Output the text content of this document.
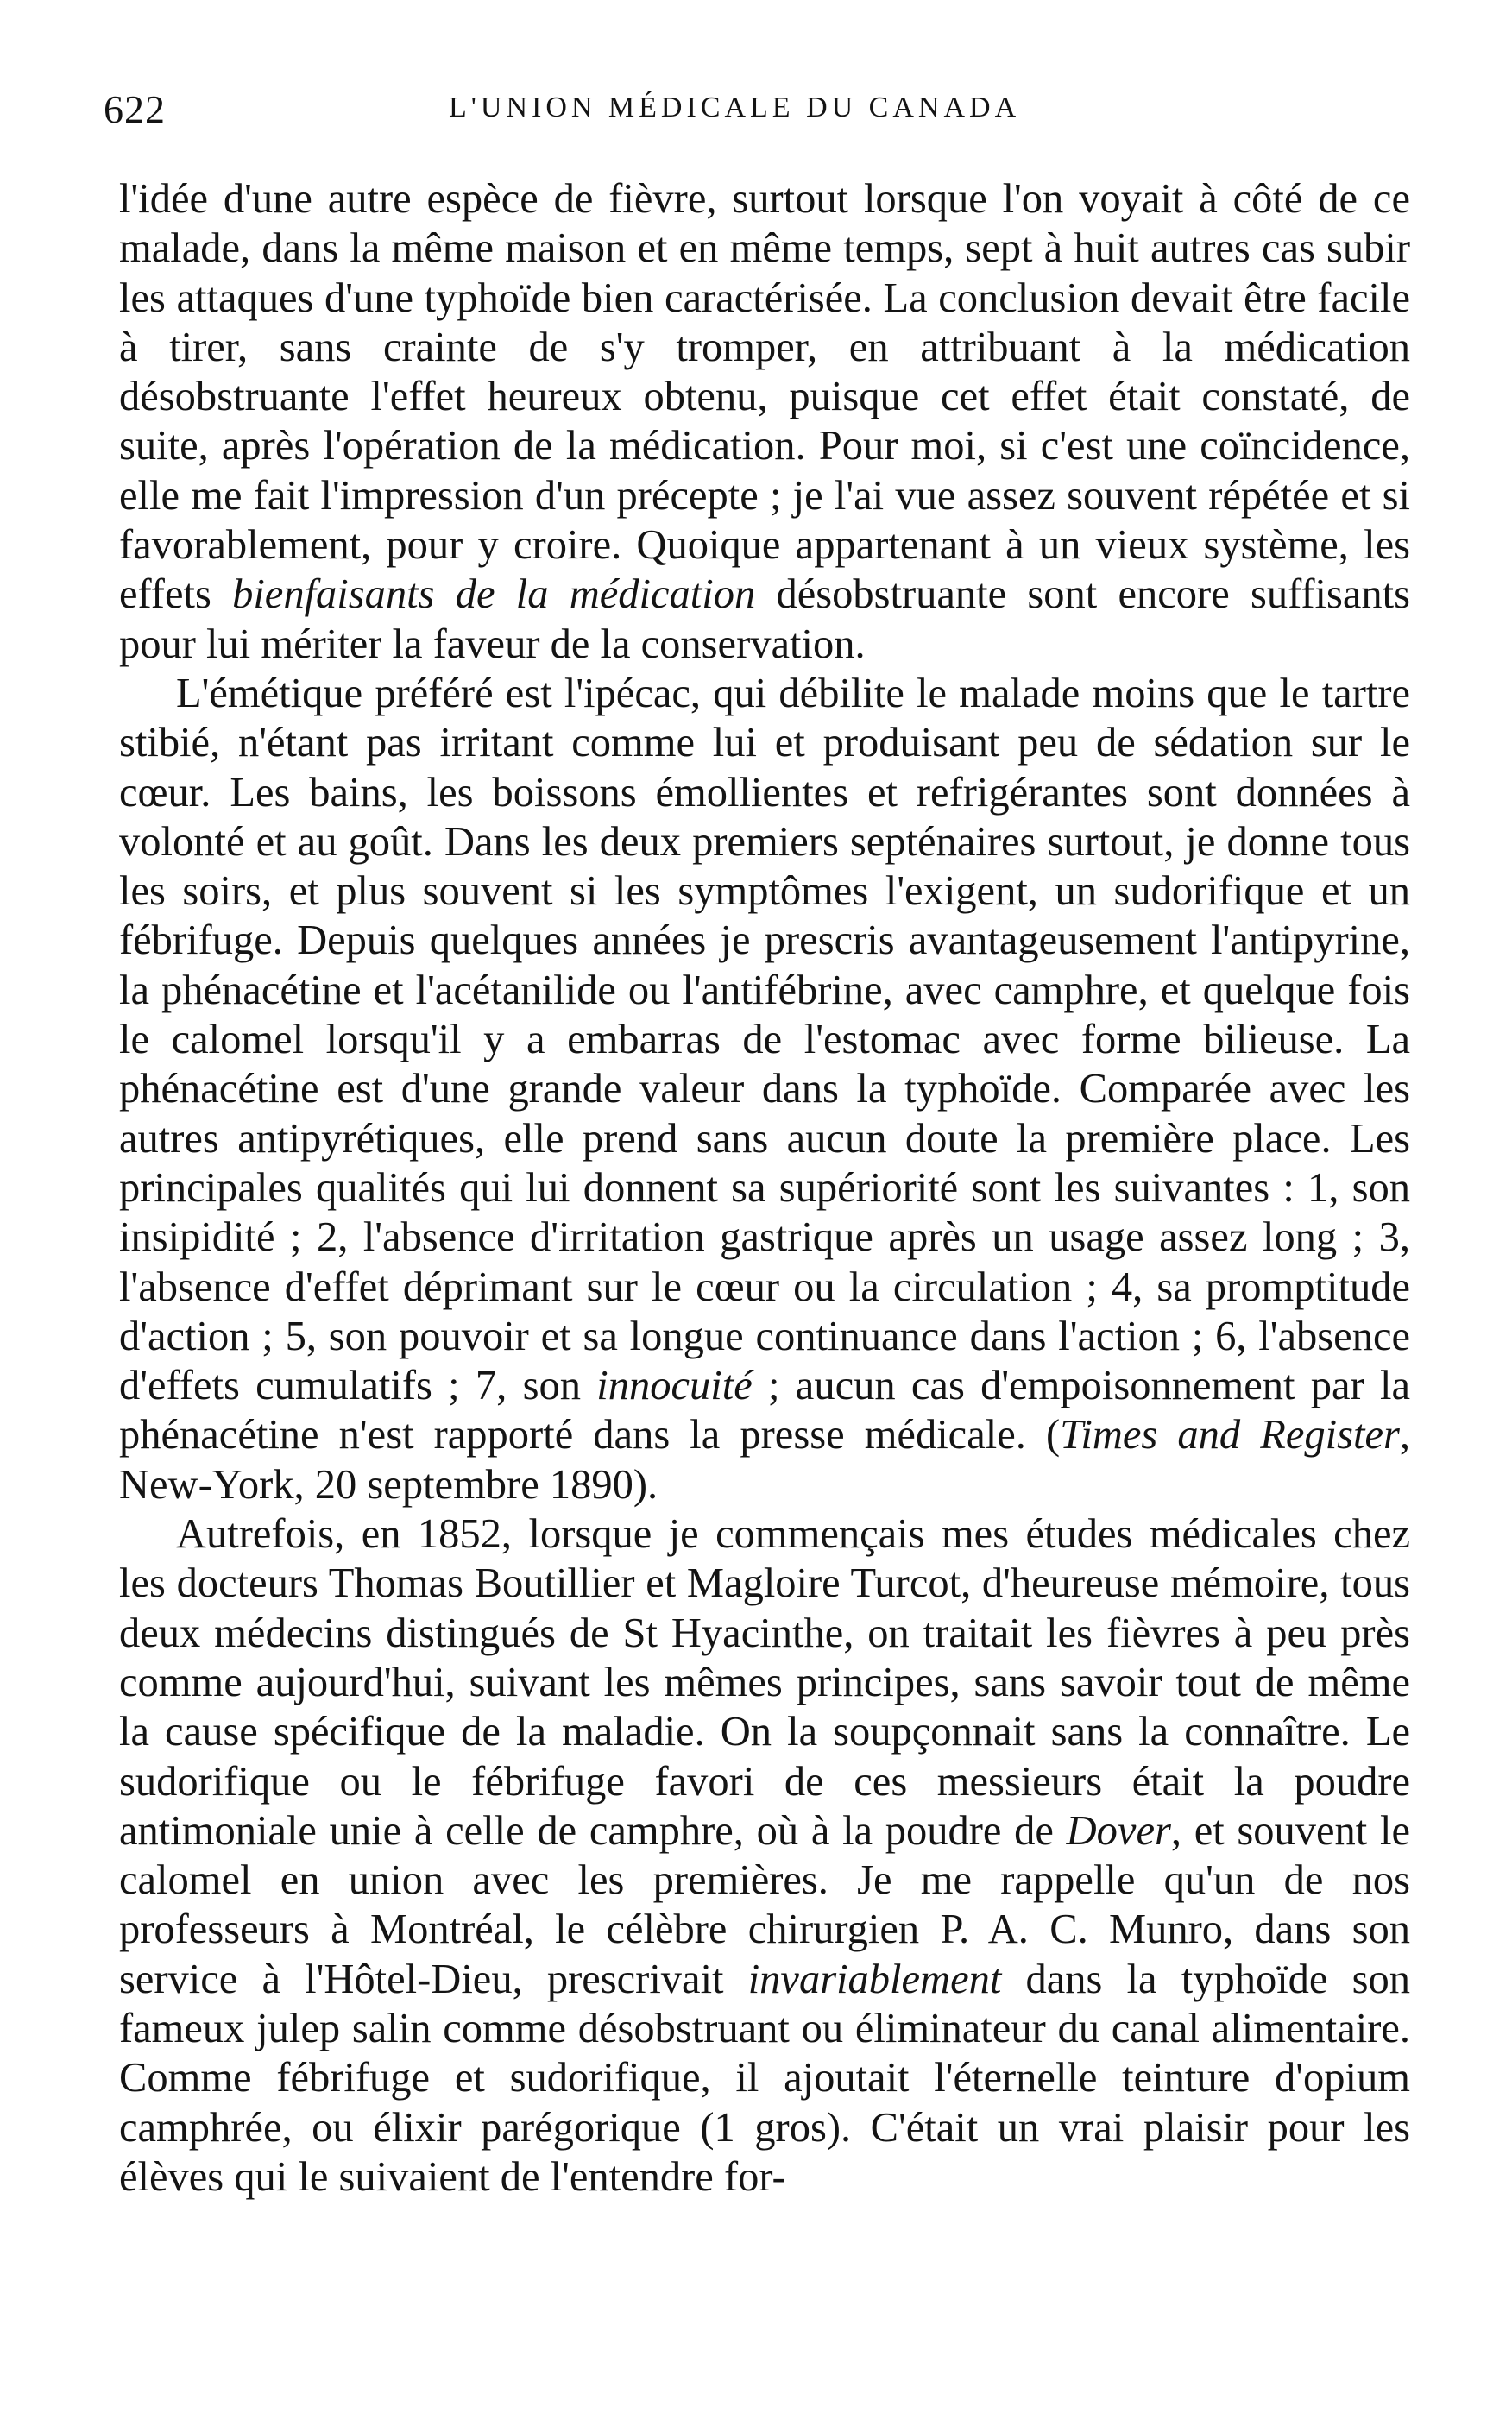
622	L'UNION MÉDICALE DU CANADA

l'idée d'une autre espèce de fièvre, surtout lorsque l'on voyait à côté de ce malade, dans la même maison et en même temps, sept à huit autres cas subir les attaques d'une typhoïde bien caractérisée. La conclusion devait être facile à tirer, sans crainte de s'y tromper, en attribuant à la médication désobstruante l'effet heureux obtenu, puisque cet effet était constaté, de suite, après l'opération de la médication. Pour moi, si c'est une coïncidence, elle me fait l'impression d'un précepte ; je l'ai vue assez souvent répétée et si favorablement, pour y croire. Quoique appartenant à un vieux système, les effets bienfaisants de la médication désobstruante sont encore suffisants pour lui mériter la faveur de la conservation.

L'émétique préféré est l'ipécac, qui débilite le malade moins que le tartre stibié, n'étant pas irritant comme lui et produisant peu de sédation sur le cœur. Les bains, les boissons émollientes et refrigérantes sont données à volonté et au goût. Dans les deux premiers septénaires surtout, je donne tous les soirs, et plus souvent si les symptômes l'exigent, un sudorifique et un fébrifuge. Depuis quelques années je prescris avantageusement l'antipyrine, la phénacétine et l'acétanilide ou l'antifébrine, avec camphre, et quelque fois le calomel lorsqu'il y a embarras de l'estomac avec forme bilieuse. La phénacétine est d'une grande valeur dans la typhoïde. Comparée avec les autres antipyrétiques, elle prend sans aucun doute la première place. Les principales qualités qui lui donnent sa supériorité sont les suivantes : 1, son insipidité ; 2, l'absence d'irritation gastrique après un usage assez long ; 3, l'absence d'effet déprimant sur le cœur ou la circulation ; 4, sa promptitude d'action ; 5, son pouvoir et sa longue continuance dans l'action ; 6, l'absence d'effets cumulatifs ; 7, son innocuité ; aucun cas d'empoisonnement par la phénacétine n'est rapporté dans la presse médicale. (Times and Register, New-York, 20 septembre 1890).

Autrefois, en 1852, lorsque je commençais mes études médicales chez les docteurs Thomas Boutillier et Magloire Turcot, d'heureuse mémoire, tous deux médecins distingués de St Hyacinthe, on traitait les fièvres à peu près comme aujourd'hui, suivant les mêmes principes, sans savoir tout de même la cause spécifique de la maladie. On la soupçonnait sans la connaître. Le sudorifique ou le fébrifuge favori de ces messieurs était la poudre antimoniale unie à celle de camphre, où à la poudre de Dover, et souvent le calomel en union avec les premières. Je me rappelle qu'un de nos professeurs à Montréal, le célèbre chirurgien P. A. C. Munro, dans son service à l'Hôtel-Dieu, prescrivait invariablement dans la typhoïde son fameux julep salin comme désobstruant ou éliminateur du canal alimentaire. Comme fébrifuge et sudorifique, il ajoutait l'éternelle teinture d'opium camphrée, ou élixir parégorique (1 gros). C'était un vrai plaisir pour les élèves qui le suivaient de l'entendre for-
